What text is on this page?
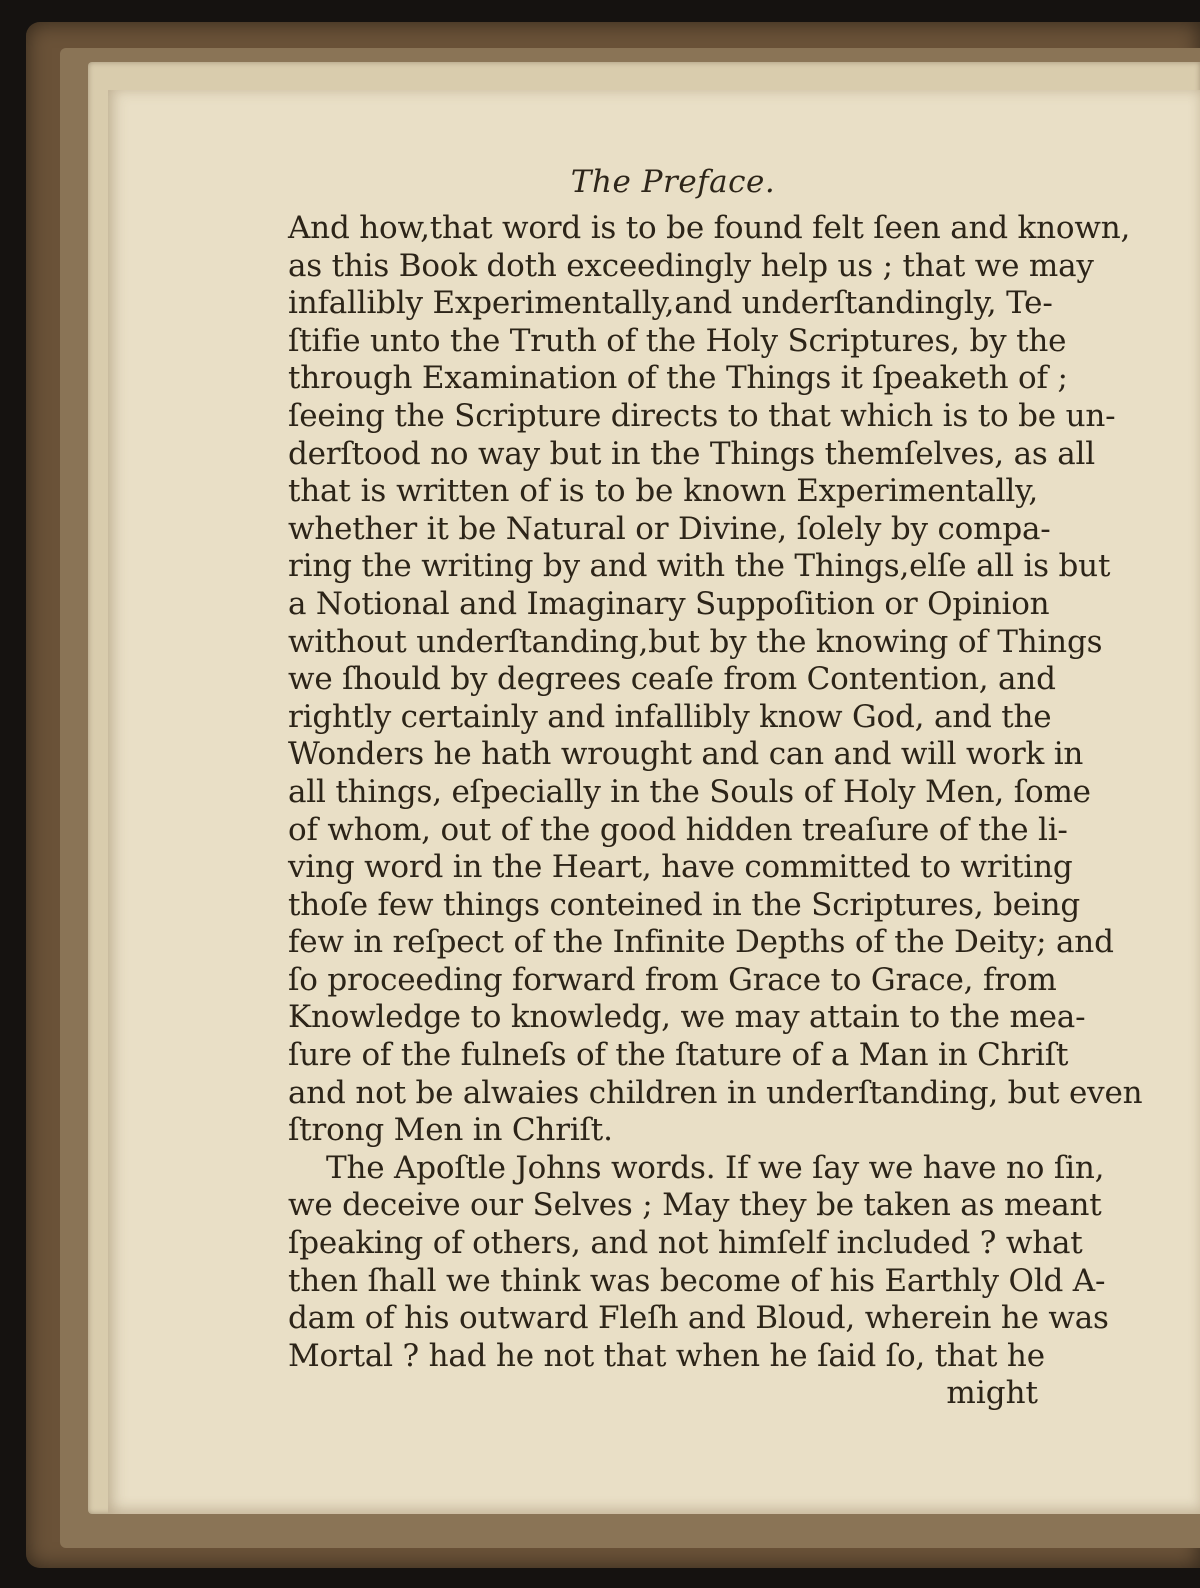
The Preface.
And how,that word is to be found felt ſeen and known,
as this Book doth exceedingly help us ; that we may
infallibly Experimentally,and underſtandingly, Te-
ſtifie unto the Truth of the Holy Scriptures, by the
through Examination of the Things it ſpeaketh of ;
ſeeing the Scripture directs to that which is to be un-
derſtood no way but in the Things themſelves, as all
that is written of is to be known Experimentally,
whether it be Natural or Divine, ſolely by compa-
ring the writing by and with the Things,elſe all is but
a Notional and Imaginary Suppoſition or Opinion
without underſtanding,but by the knowing of Things
we ſhould by degrees ceaſe from Contention, and
rightly certainly and infallibly know God, and the
Wonders he hath wrought and can and will work in
all things, eſpecially in the Souls of Holy Men, ſome
of whom, out of the good hidden treaſure of the li-
ving word in the Heart, have committed to writing
thoſe few things conteined in the Scriptures, being
few in reſpect of the Infinite Depths of the Deity; and
ſo proceeding forward from Grace to Grace, from
Knowledge to knowledg, we may attain to the mea-
ſure of the fulneſs of the ſtature of a Man in Chriſt
and not be alwaies children in underſtanding, but even
ſtrong Men in Chriſt.
The Apoſtle Johns words. If we ſay we have no ſin,
we deceive our Selves ; May they be taken as meant
ſpeaking of others, and not himſelf included ? what
then ſhall we think was become of his Earthly Old A-
dam of his outward Fleſh and Bloud, wherein he was
Mortal ? had he not that when he ſaid ſo, that he
might
